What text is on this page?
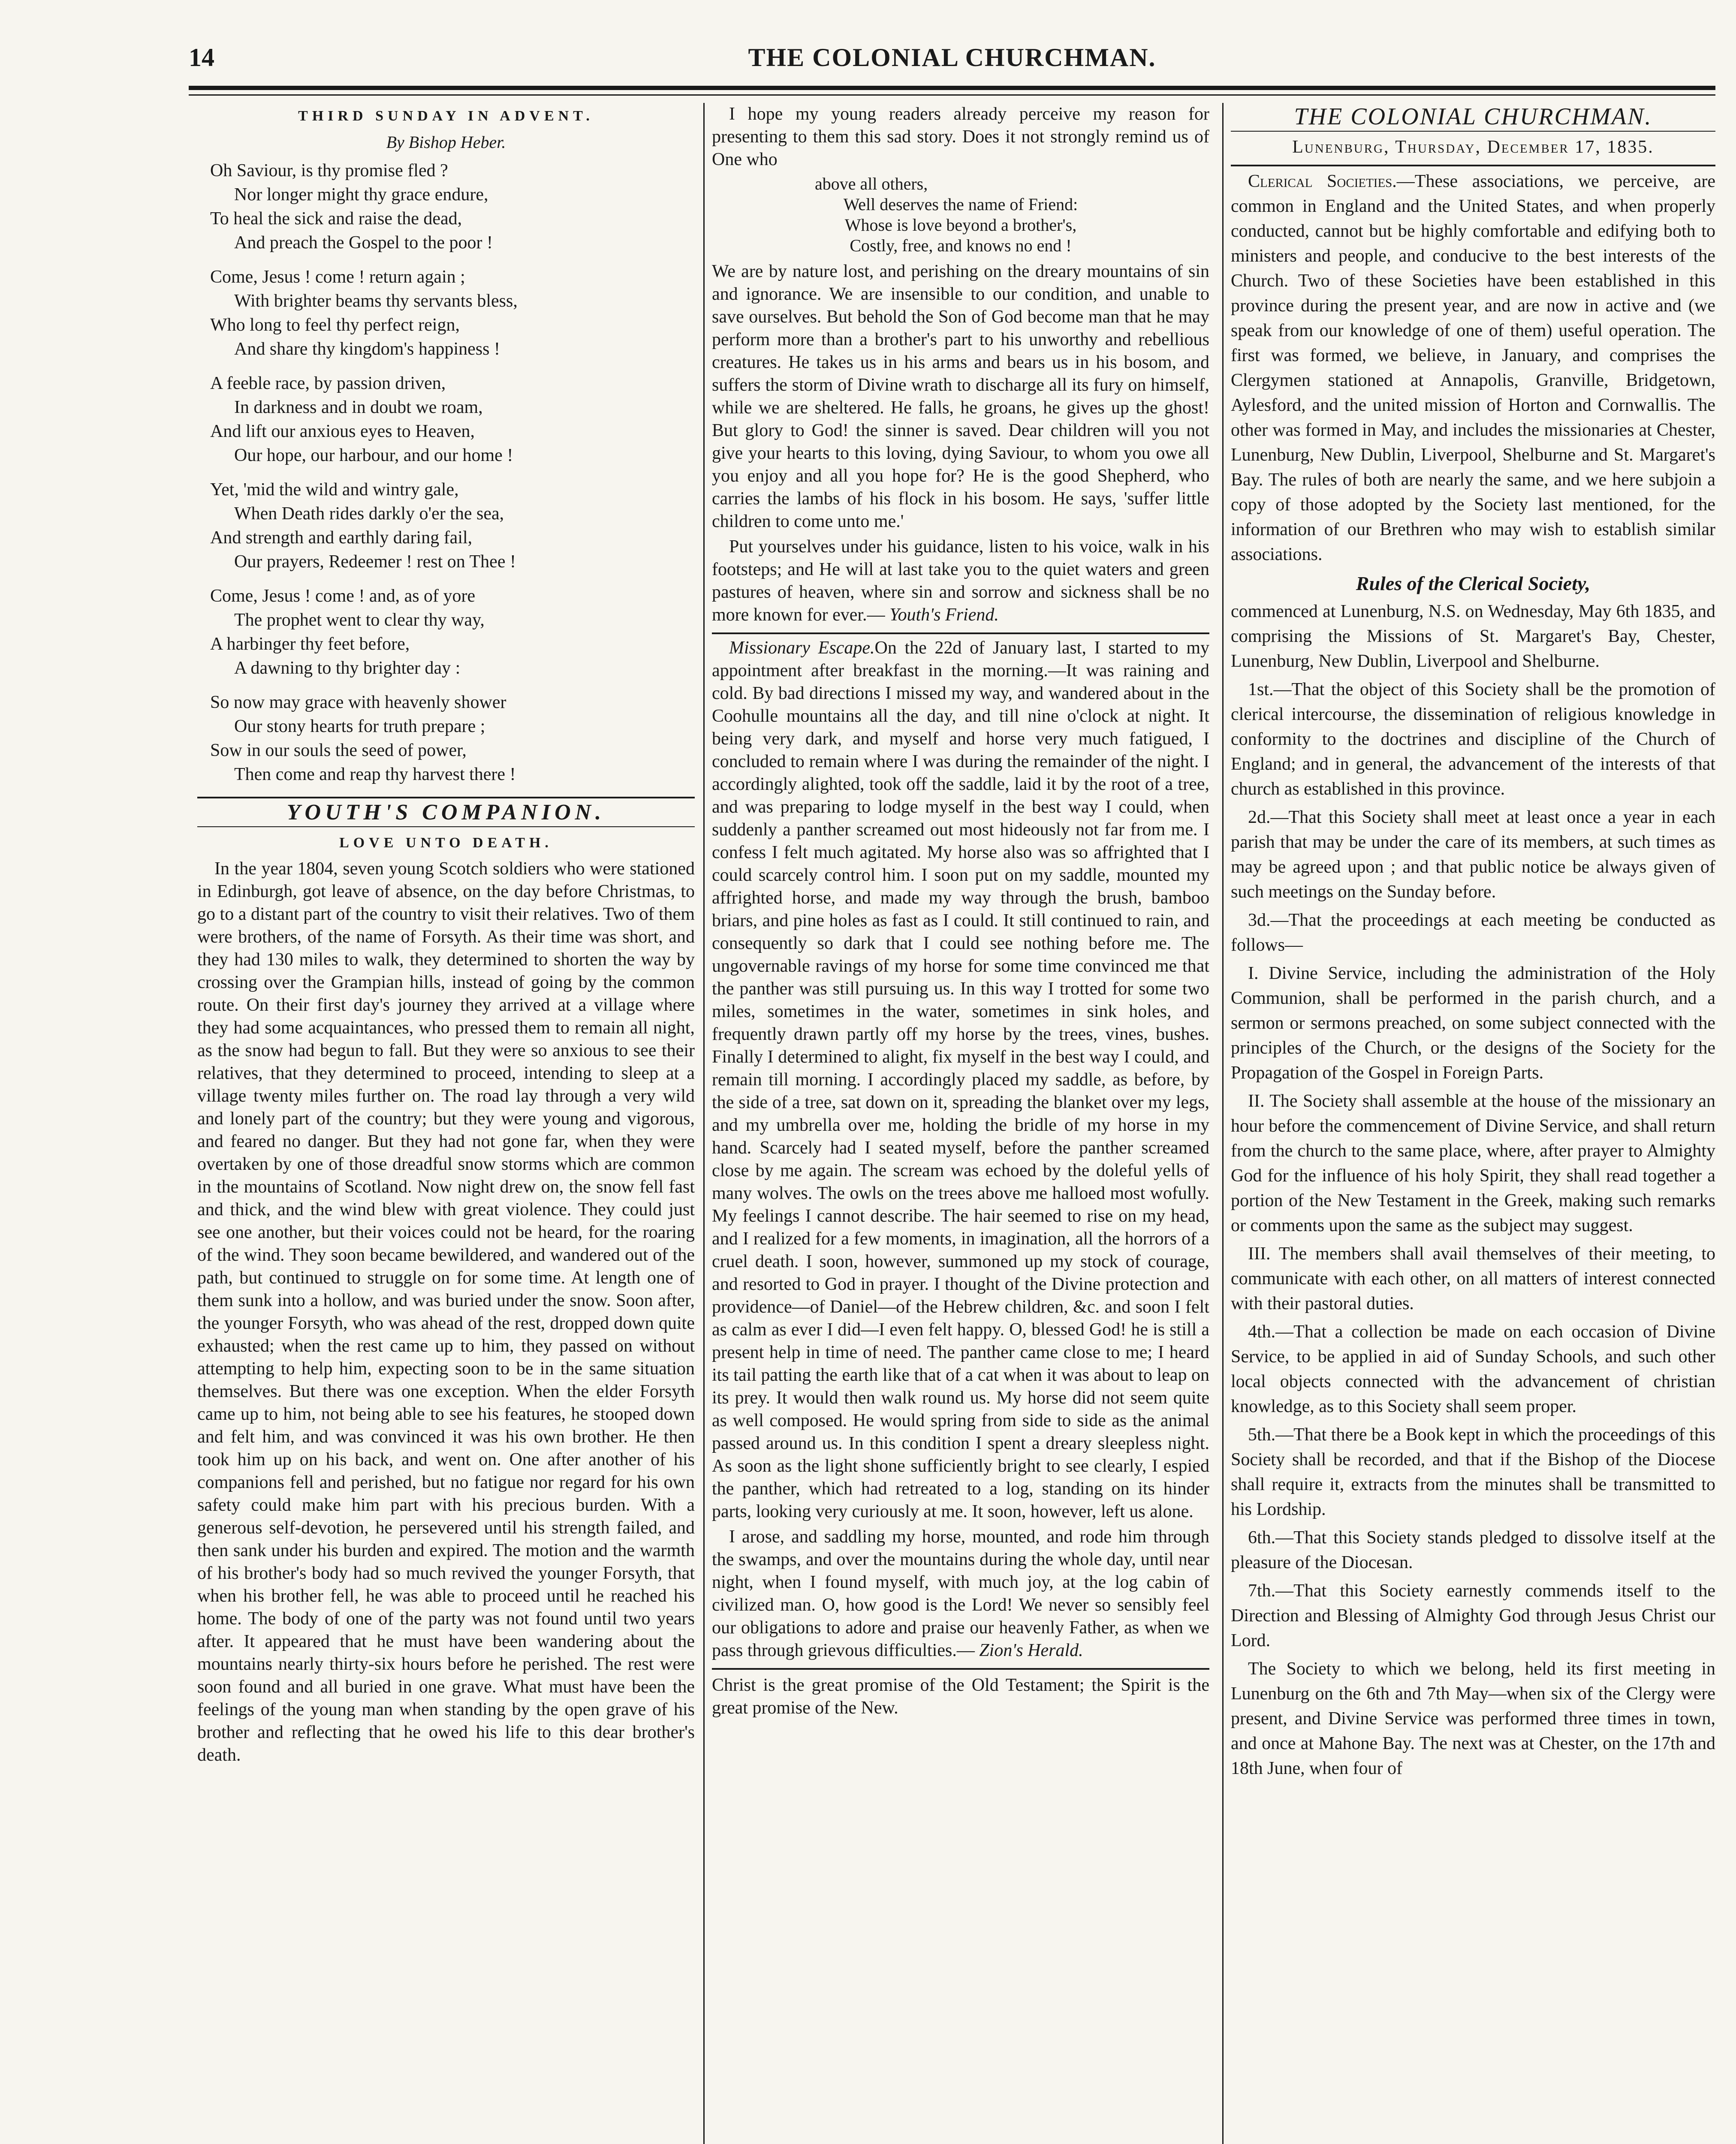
14	THE COLONIAL CHURCHMAN.
THIRD SUNDAY IN ADVENT.
By Bishop Heber.

Oh Saviour, is thy promise fled ?

Nor longer might thy grace endure,

To heal the sick and raise the dead,

And preach the Gospel to the poor !

Come, Jesus ! come ! return again ;

With brighter beams thy servants bless,

Who long to feel thy perfect reign,

And share thy kingdom's happiness !

A feeble race, by passion driven,

In darkness and in doubt we roam,

And lift our anxious eyes to Heaven,

Our hope, our harbour, and our home !

Yet, 'mid the wild and wintry gale,

When Death rides darkly o'er the sea,

And strength and earthly daring fail,

Our prayers, Redeemer ! rest on Thee !

Come, Jesus ! come ! and, as of yore

The prophet went to clear thy way,

A harbinger thy feet before,

A dawning to thy brighter day :

So now may grace with heavenly shower

Our stony hearts for truth prepare ;

Sow in our souls the seed of power,

Then come and reap thy harvest there !

YOUTH'S COMPANION.
LOVE UNTO DEATH.

In the year 1804, seven young Scotch soldiers who were stationed in Edinburgh, got leave of absence, on the day before Christmas, to go to a distant part of the country to visit their relatives. Two of them were brothers, of the name of Forsyth. As their time was short, and they had 130 miles to walk, they determined to shorten the way by crossing over the Grampian hills, instead of going by the common route. On their first day's journey they arrived at a village where they had some acquaintances, who pressed them to remain all night, as the snow had begun to fall. But they were so anxious to see their relatives, that they determined to proceed, intending to sleep at a village twenty miles further on. The road lay through a very wild and lonely part of the country; but they were young and vigorous, and feared no danger. But they had not gone far, when they were overtaken by one of those dreadful snow storms which are common in the mountains of Scotland. Now night drew on, the snow fell fast and thick, and the wind blew with great violence. They could just see one another, but their voices could not be heard, for the roaring of the wind. They soon became bewildered, and wandered out of the path, but continued to struggle on for some time. At length one of them sunk into a hollow, and was buried under the snow. Soon after, the younger Forsyth, who was ahead of the rest, dropped down quite exhausted; when the rest came up to him, they passed on without attempting to help him, expecting soon to be in the same situation themselves. But there was one exception. When the elder Forsyth came up to him, not being able to see his features, he stooped down and felt him, and was convinced it was his own brother. He then took him up on his back, and went on. One after another of his companions fell and perished, but no fatigue nor regard for his own safety could make him part with his precious burden. With a generous self-devotion, he persevered until his strength failed, and then sank under his burden and expired. The motion and the warmth of his brother's body had so much revived the younger Forsyth, that when his brother fell, he was able to proceed until he reached his home. The body of one of the party was not found until two years after. It appeared that he must have been wandering about the mountains nearly thirty-six hours before he perished. The rest were soon found and all buried in one grave. What must have been the feelings of the young man when standing by the open grave of his brother and reflecting that he owed his life to this dear brother's death.

I hope my young readers already perceive my reason for presenting to them this sad story. Does it not strongly remind us of One who

above all others,
Well deserves the name of Friend:
Whose is love beyond a brother's,
Costly, free, and knows no end !

We are by nature lost, and perishing on the dreary mountains of sin and ignorance. We are insensible to our condition, and unable to save ourselves. But behold the Son of God become man that he may perform more than a brother's part to his unworthy and rebellious creatures. He takes us in his arms and bears us in his bosom, and suffers the storm of Divine wrath to discharge all its fury on himself, while we are sheltered. He falls, he groans, he gives up the ghost! But glory to God! the sinner is saved. Dear children will you not give your hearts to this loving, dying Saviour, to whom you owe all you enjoy and all you hope for? He is the good Shepherd, who carries the lambs of his flock in his bosom. He says, 'suffer little children to come unto me.'

Put yourselves under his guidance, listen to his voice, walk in his footsteps; and He will at last take you to the quiet waters and green pastures of heaven, where sin and sorrow and sickness shall be no more known for ever.— Youth's Friend.

Missionary Escape.On the 22d of January last, I started to my appointment after breakfast in the morning.—It was raining and cold. By bad directions I missed my way, and wandered about in the Coohulle mountains all the day, and till nine o'clock at night. It being very dark, and myself and horse very much fatigued, I concluded to remain where I was during the remainder of the night. I accordingly alighted, took off the saddle, laid it by the root of a tree, and was preparing to lodge myself in the best way I could, when suddenly a panther screamed out most hideously not far from me. I confess I felt much agitated. My horse also was so affrighted that I could scarcely control him. I soon put on my saddle, mounted my affrighted horse, and made my way through the brush, bamboo briars, and pine holes as fast as I could. It still continued to rain, and consequently so dark that I could see nothing before me. The ungovernable ravings of my horse for some time convinced me that the panther was still pursuing us. In this way I trotted for some two miles, sometimes in the water, sometimes in sink holes, and frequently drawn partly off my horse by the trees, vines, bushes. Finally I determined to alight, fix myself in the best way I could, and remain till morning. I accordingly placed my saddle, as before, by the side of a tree, sat down on it, spreading the blanket over my legs, and my umbrella over me, holding the bridle of my horse in my hand. Scarcely had I seated myself, before the panther screamed close by me again. The scream was echoed by the doleful yells of many wolves. The owls on the trees above me halloed most wofully. My feelings I cannot describe. The hair seemed to rise on my head, and I realized for a few moments, in imagination, all the horrors of a cruel death. I soon, however, summoned up my stock of courage, and resorted to God in prayer. I thought of the Divine protection and providence—of Daniel—of the Hebrew children, &c. and soon I felt as calm as ever I did—I even felt happy. O, blessed God! he is still a present help in time of need. The panther came close to me; I heard its tail patting the earth like that of a cat when it was about to leap on its prey. It would then walk round us. My horse did not seem quite as well composed. He would spring from side to side as the animal passed around us. In this condition I spent a dreary sleepless night. As soon as the light shone sufficiently bright to see clearly, I espied the panther, which had retreated to a log, standing on its hinder parts, looking very curiously at me. It soon, however, left us alone.

I arose, and saddling my horse, mounted, and rode him through the swamps, and over the mountains during the whole day, until near night, when I found myself, with much joy, at the log cabin of civilized man. O, how good is the Lord! We never so sensibly feel our obligations to adore and praise our heavenly Father, as when we pass through grievous difficulties.— Zion's Herald.

Christ is the great promise of the Old Testament; the Spirit is the great promise of the New.

THE COLONIAL CHURCHMAN.
Lunenburg, Thursday, December 17, 1835.

Clerical Societies.—These associations, we perceive, are common in England and the United States, and when properly conducted, cannot but be highly comfortable and edifying both to ministers and people, and conducive to the best interests of the Church. Two of these Societies have been established in this province during the present year, and are now in active and (we speak from our knowledge of one of them) useful operation. The first was formed, we believe, in January, and comprises the Clergymen stationed at Annapolis, Granville, Bridgetown, Aylesford, and the united mission of Horton and Cornwallis. The other was formed in May, and includes the missionaries at Chester, Lunenburg, New Dublin, Liverpool, Shelburne and St. Margaret's Bay. The rules of both are nearly the same, and we here subjoin a copy of those adopted by the Society last mentioned, for the information of our Brethren who may wish to establish similar associations.

Rules of the Clerical Society,

commenced at Lunenburg, N.S. on Wednesday, May 6th 1835, and comprising the Missions of St. Margaret's Bay, Chester, Lunenburg, New Dublin, Liverpool and Shelburne.

1st.—That the object of this Society shall be the promotion of clerical intercourse, the dissemination of religious knowledge in conformity to the doctrines and discipline of the Church of England; and in general, the advancement of the interests of that church as established in this province.

2d.—That this Society shall meet at least once a year in each parish that may be under the care of its members, at such times as may be agreed upon ; and that public notice be always given of such meetings on the Sunday before.

3d.—That the proceedings at each meeting be conducted as follows—

I. Divine Service, including the administration of the Holy Communion, shall be performed in the parish church, and a sermon or sermons preached, on some subject connected with the principles of the Church, or the designs of the Society for the Propagation of the Gospel in Foreign Parts.

II. The Society shall assemble at the house of the missionary an hour before the commencement of Divine Service, and shall return from the church to the same place, where, after prayer to Almighty God for the influence of his holy Spirit, they shall read together a portion of the New Testament in the Greek, making such remarks or comments upon the same as the subject may suggest.

III. The members shall avail themselves of their meeting, to communicate with each other, on all matters of interest connected with their pastoral duties.

4th.—That a collection be made on each occasion of Divine Service, to be applied in aid of Sunday Schools, and such other local objects connected with the advancement of christian knowledge, as to this Society shall seem proper.

5th.—That there be a Book kept in which the proceedings of this Society shall be recorded, and that if the Bishop of the Diocese shall require it, extracts from the minutes shall be transmitted to his Lordship.

6th.—That this Society stands pledged to dissolve itself at the pleasure of the Diocesan.

7th.—That this Society earnestly commends itself to the Direction and Blessing of Almighty God through Jesus Christ our Lord.

The Society to which we belong, held its first meeting in Lunenburg on the 6th and 7th May—when six of the Clergy were present, and Divine Service was performed three times in town, and once at Mahone Bay. The next was at Chester, on the 17th and 18th June, when four of
